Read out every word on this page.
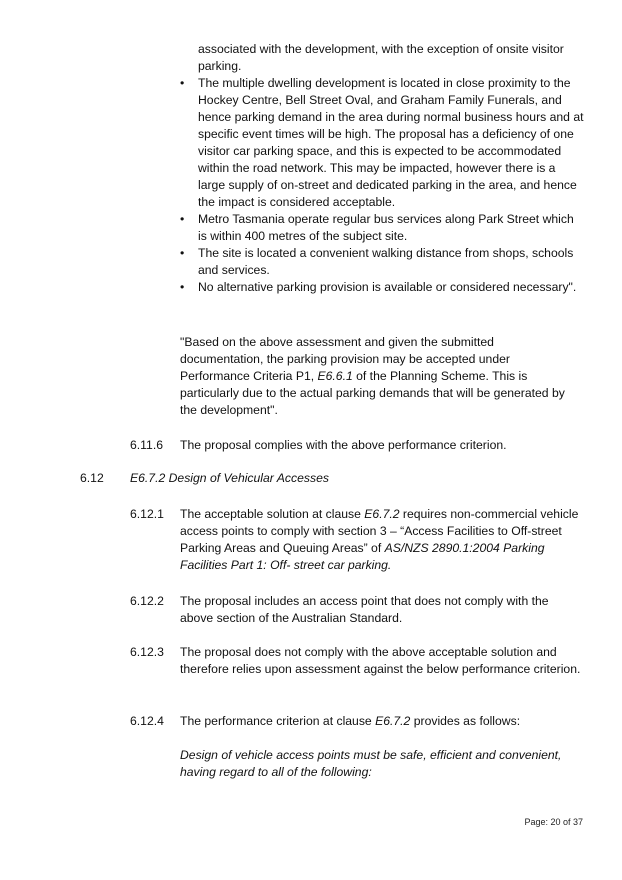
associated with the development, with the exception of onsite visitor parking.
•	The multiple dwelling development is located in close proximity to the Hockey Centre, Bell Street Oval, and Graham Family Funerals, and hence parking demand in the area during normal business hours and at specific event times will be high. The proposal has a deficiency of one visitor car parking space, and this is expected to be accommodated within the road network. This may be impacted, however there is a large supply of on-street and dedicated parking in the area, and hence the impact is considered acceptable.
•	Metro Tasmania operate regular bus services along Park Street which is within 400 metres of the subject site.
•	The site is located a convenient walking distance from shops, schools and services.
•	No alternative parking provision is available or considered necessary".
"Based on the above assessment and given the submitted documentation, the parking provision may be accepted under Performance Criteria P1, E6.6.1 of the Planning Scheme. This is particularly due to the actual parking demands that will be generated by the development".
6.11.6	The proposal complies with the above performance criterion.
6.12 E6.7.2 Design of Vehicular Accesses
6.12.1	The acceptable solution at clause E6.7.2 requires non-commercial vehicle access points to comply with section 3 – “Access Facilities to Off-street Parking Areas and Queuing Areas” of AS/NZS 2890.1:2004 Parking Facilities Part 1: Off- street car parking.
6.12.2	The proposal includes an access point that does not comply with the above section of the Australian Standard.
6.12.3	The proposal does not comply with the above acceptable solution and therefore relies upon assessment against the below performance criterion.
6.12.4	The performance criterion at clause E6.7.2 provides as follows:
Design of vehicle access points must be safe, efficient and convenient, having regard to all of the following:
Page: 20 of 37
